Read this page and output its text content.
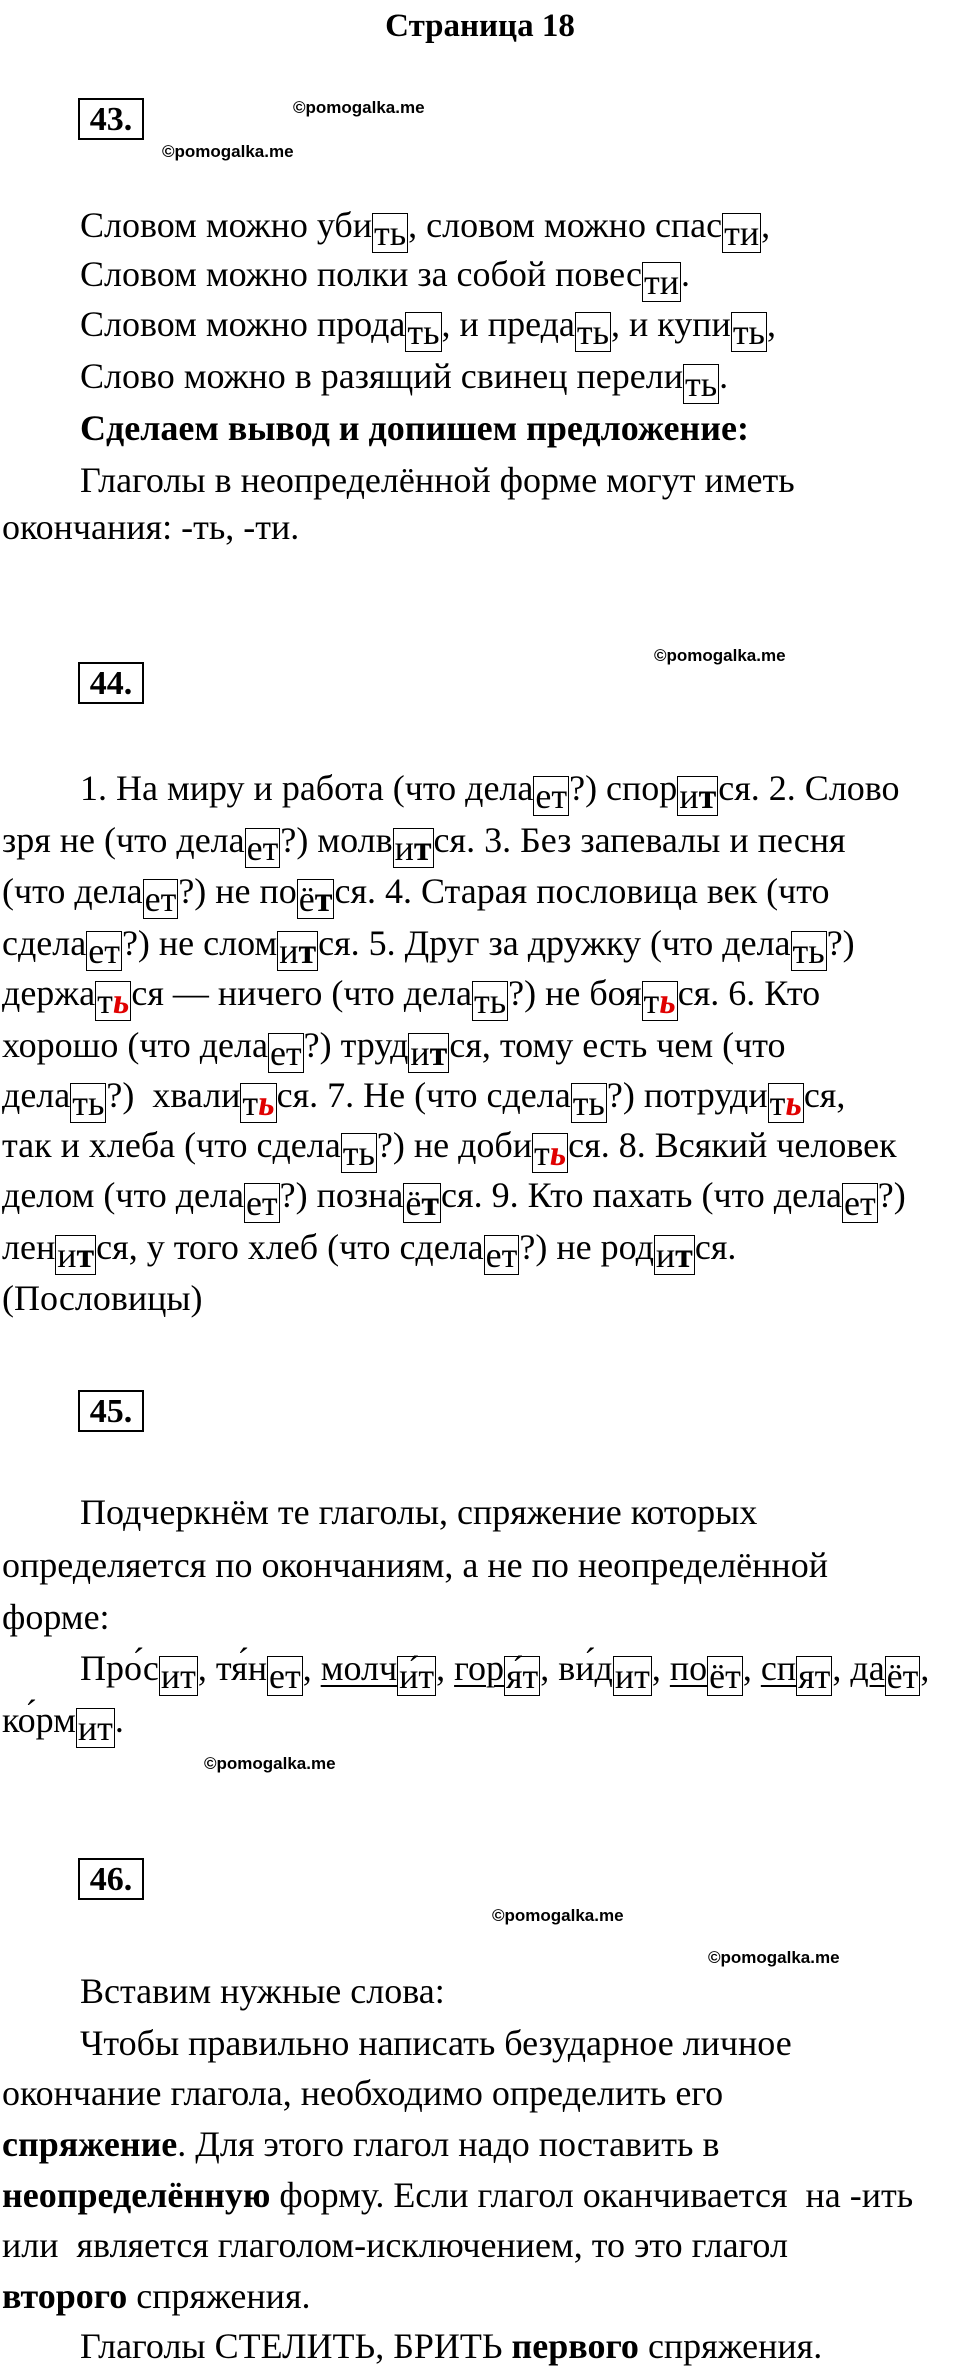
Страница 18
©pomogalka.me
©pomogalka.me
©pomogalka.me
©pomogalka.me
©pomogalka.me
©pomogalka.me
43.
Словом можно убить, словом можно спасти,
Словом можно полки за собой повести.
Словом можно продать, и предать, и купить,
Слово можно в разящий свинец перелить.
Сделаем вывод и допишем предложение:
Глаголы в неопределённой форме могут иметь
окончания: -ть, -ти.
44.
1. На миру и работа (что делает?) спорится. 2. Слово
зря не (что делает?) молвится. 3. Без запевалы и песня
(что делает?) не поётся. 4. Старая пословица век (что
сделает?) не сломится. 5. Друг за дружку (что делать?)
держаться — ничего (что делать?) не бояться. 6. Кто
хорошо (что делает?) трудится, тому есть чем (что
делать?)  хвалиться. 7. Не (что сделать?) потрудиться,
так и хлеба (что сделать?) не добиться. 8. Всякий человек
делом (что делает?) познаётся. 9. Кто пахать (что делает?)
ленится, у того хлеб (что сделает?) не родится.
(Пословицы)
45.
Подчеркнём те глаголы, спряжение которых
определяется по окончаниям, а не по неопределённой
форме:
Про́сит, тя́нет, молчи́т, горя́т, ви́дит, поёт, спят, даёт,
ко́рмит.
46.
Вставим нужные слова:
Чтобы правильно написать безударное личное
окончание глагола, необходимо определить его
спряжение. Для этого глагол надо поставить в
неопределённую форму. Если глагол оканчивается  на -ить
или  является глаголом-исключением, то это глагол
второго спряжения.
Глаголы СТЕЛИТЬ, БРИТЬ первого спряжения.
